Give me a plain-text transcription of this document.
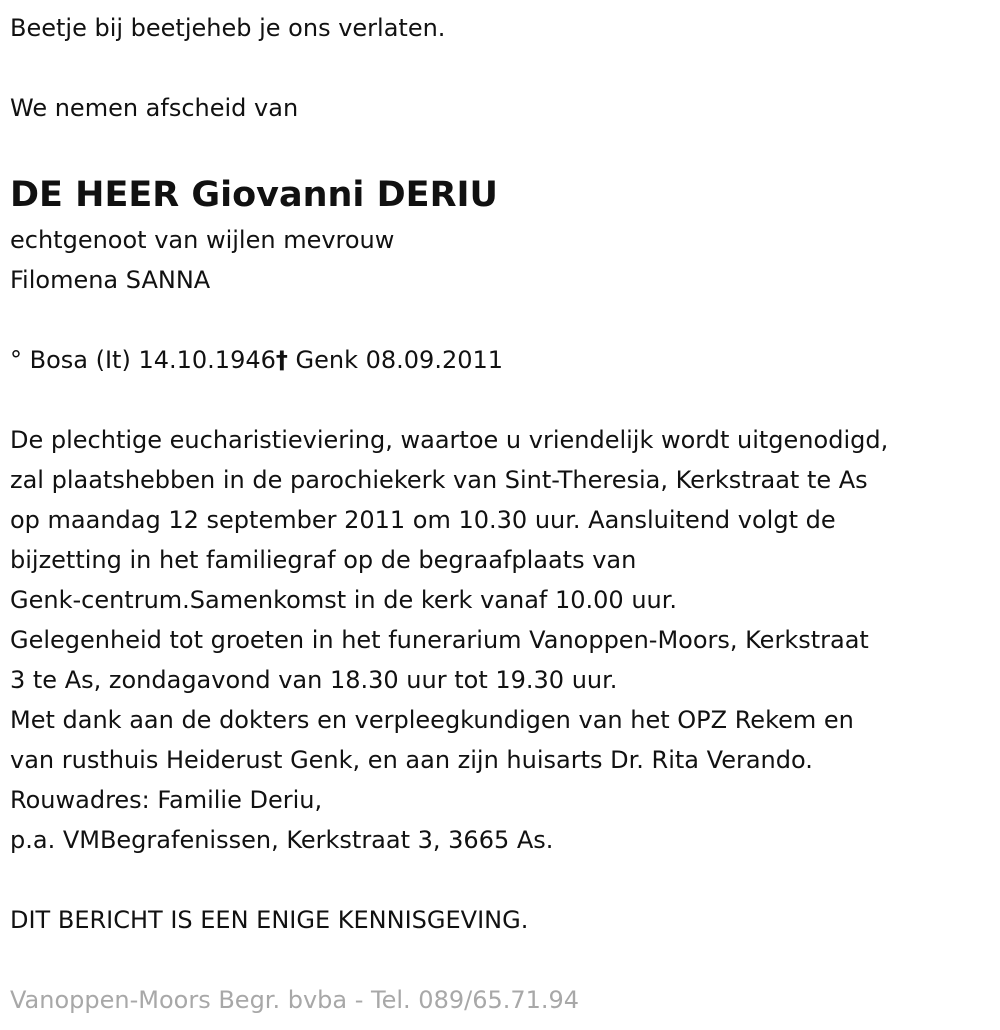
Beetje bij beetjeheb je ons verlaten.

We nemen afscheid van

DE HEER Giovanni DERIU

echtgenoot van wijlen mevrouw

Filomena SANNA

° Bosa (It) 14.10.1946† Genk 08.09.2011

De plechtige eucharistieviering, waartoe u vriendelijk wordt uitgenodigd,

zal plaatshebben in de parochiekerk van Sint-Theresia, Kerkstraat te As

op maandag 12 september 2011 om 10.30 uur. Aansluitend volgt de

bijzetting in het familiegraf op de begraafplaats van

Genk-centrum.Samenkomst in de kerk vanaf 10.00 uur.

Gelegenheid tot groeten in het funerarium Vanoppen-Moors, Kerkstraat

3 te As, zondagavond van 18.30 uur tot 19.30 uur.

Met dank aan de dokters en verpleegkundigen van het OPZ Rekem en

van rusthuis Heiderust Genk, en aan zijn huisarts Dr. Rita Verando.

Rouwadres: Familie Deriu,

p.a. VMBegrafenissen, Kerkstraat 3, 3665 As.

DIT BERICHT IS EEN ENIGE KENNISGEVING.

Vanoppen-Moors Begr. bvba - Tel. 089/65.71.94
